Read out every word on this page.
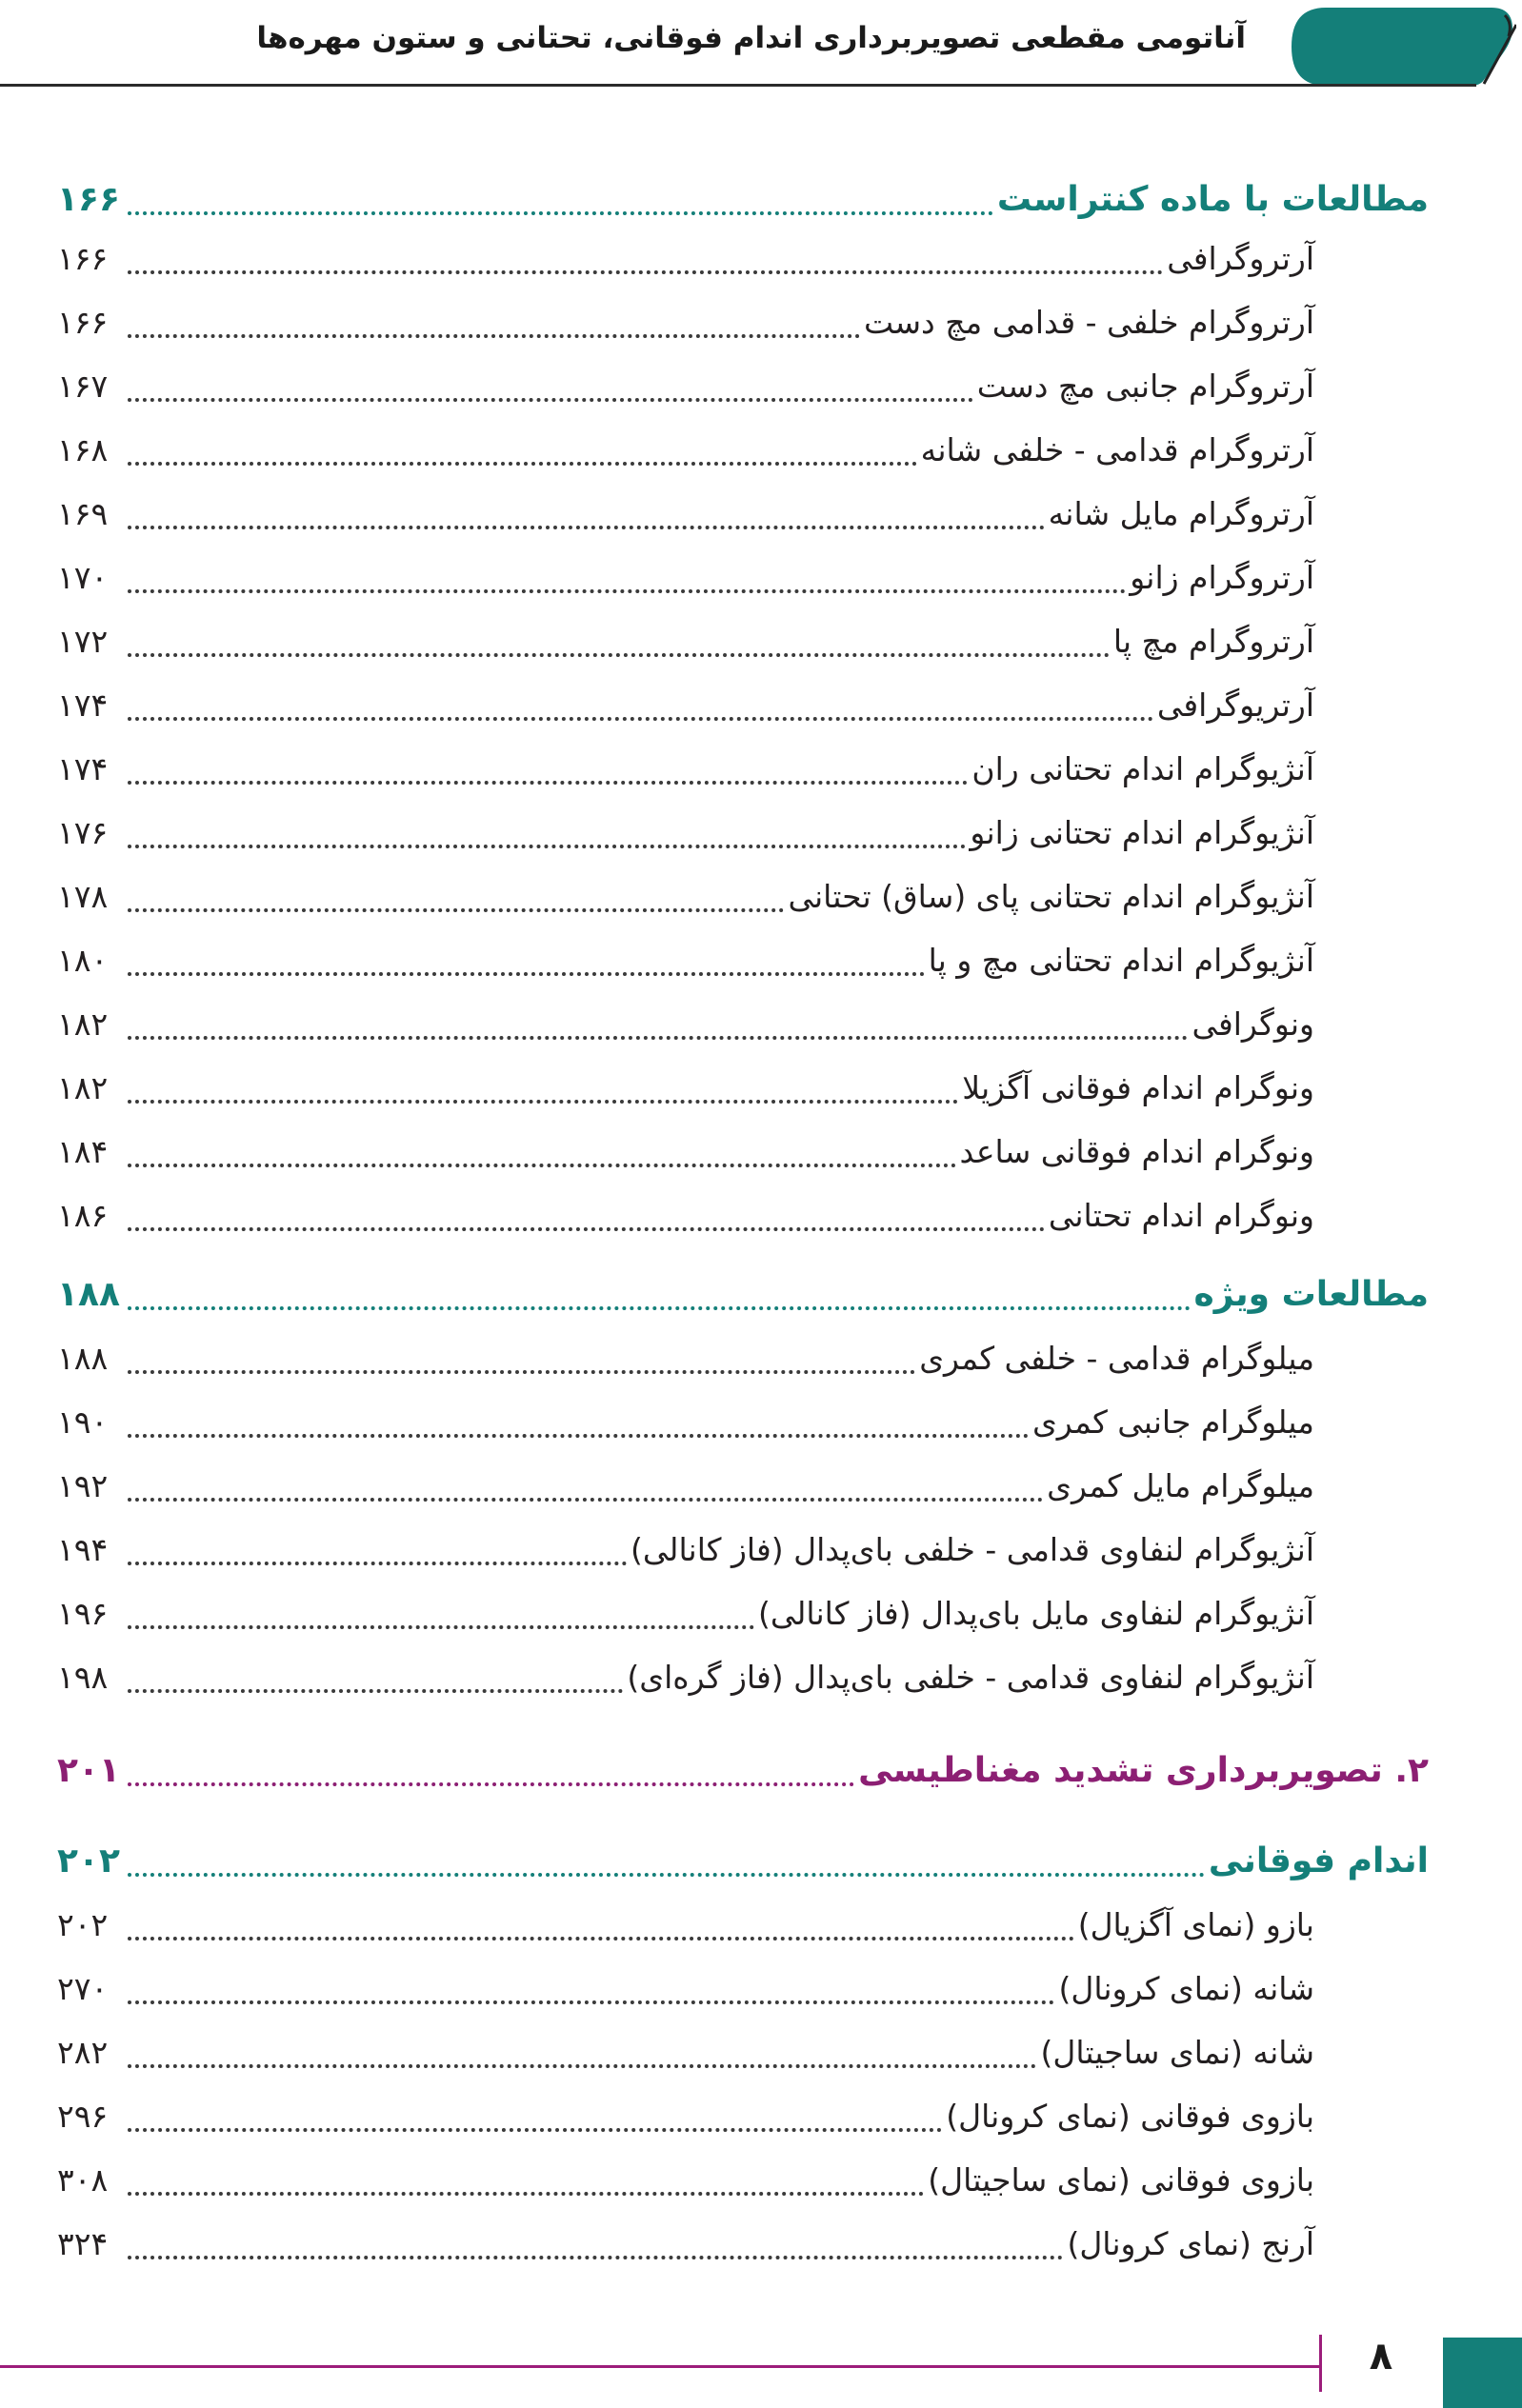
آناتومی مقطعی تصویربرداری اندام فوقانی، تحتانی و ستون مهره‌ها
مطالعات با ماده کنتراست
۱۶۶
آرتروگرافی
۱۶۶
آرتروگرام خلفی - قدامی مچ دست
۱۶۶
آرتروگرام جانبی مچ دست
۱۶۷
آرتروگرام قدامی - خلفی شانه
۱۶۸
آرتروگرام مایل شانه
۱۶۹
آرتروگرام زانو
۱۷۰
آرتروگرام مچ پا
۱۷۲
آرتریوگرافی
۱۷۴
آنژیوگرام اندام تحتانی ران
۱۷۴
آنژیوگرام اندام تحتانی زانو
۱۷۶
آنژیوگرام اندام تحتانی پای (ساق) تحتانی
۱۷۸
آنژیوگرام اندام تحتانی مچ و پا
۱۸۰
ونوگرافی
۱۸۲
ونوگرام اندام فوقانی آگزیلا
۱۸۲
ونوگرام اندام فوقانی ساعد
۱۸۴
ونوگرام اندام تحتانی
۱۸۶
مطالعات ویژه
۱۸۸
میلوگرام قدامی - خلفی کمری
۱۸۸
میلوگرام جانبی کمری
۱۹۰
میلوگرام مایل کمری
۱۹۲
آنژیوگرام لنفاوی قدامی - خلفی بای‌پدال (فاز کانالی)
۱۹۴
آنژیوگرام لنفاوی مایل بای‌پدال (فاز کانالی)
۱۹۶
آنژیوگرام لنفاوی قدامی - خلفی بای‌پدال (فاز گره‌ای)
۱۹۸
۲. تصویربرداری تشدید مغناطیسی
۲۰۱
اندام فوقانی
۲۰۲
بازو (نمای آگزیال)
۲۰۲
شانه (نمای کرونال)
۲۷۰
شانه (نمای ساجیتال)
۲۸۲
بازوی فوقانی (نمای کرونال)
۲۹۶
بازوی فوقانی (نمای ساجیتال)
۳۰۸
آرنج (نمای کرونال)
۳۲۴
۸
